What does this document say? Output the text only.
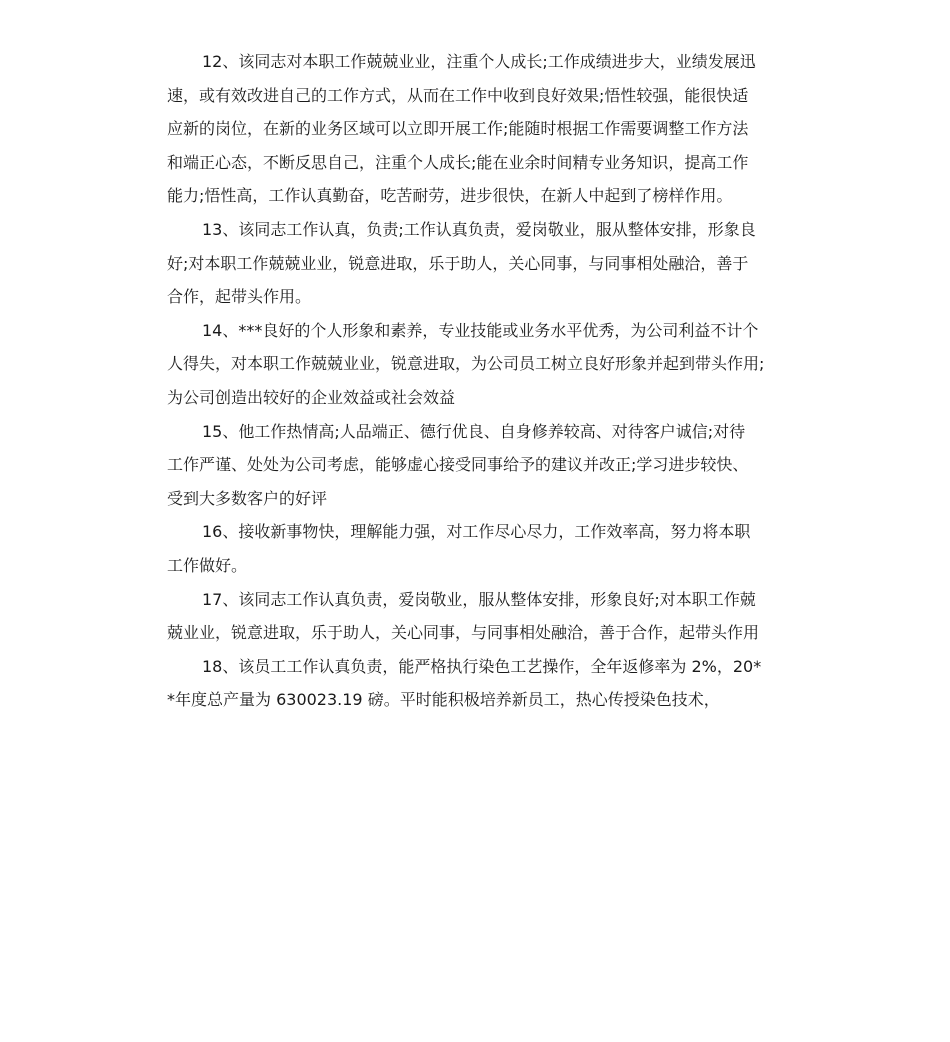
12、该同志对本职工作兢兢业业，注重个人成长;工作成绩进步大，业绩发展迅
速，或有效改进自己的工作方式，从而在工作中收到良好效果;悟性较强，能很快适
应新的岗位，在新的业务区域可以立即开展工作;能随时根据工作需要调整工作方法
和端正心态，不断反思自己，注重个人成长;能在业余时间精专业务知识，提高工作
能力;悟性高，工作认真勤奋，吃苦耐劳，进步很快，在新人中起到了榜样作用。

13、该同志工作认真，负责;工作认真负责，爱岗敬业，服从整体安排，形象良
好;对本职工作兢兢业业，锐意进取，乐于助人，关心同事，与同事相处融洽，善于
合作，起带头作用。

14、***良好的个人形象和素养，专业技能或业务水平优秀，为公司利益不计个
人得失，对本职工作兢兢业业，锐意进取，为公司员工树立良好形象并起到带头作用;
为公司创造出较好的企业效益或社会效益

15、他工作热情高;人品端正、德行优良、自身修养较高、对待客户诚信;对待
工作严谨、处处为公司考虑，能够虚心接受同事给予的建议并改正;学习进步较快、
受到大多数客户的好评

16、接收新事物快，理解能力强，对工作尽心尽力，工作效率高，努力将本职
工作做好。

17、该同志工作认真负责，爱岗敬业，服从整体安排，形象良好;对本职工作兢
兢业业，锐意进取，乐于助人，关心同事，与同事相处融洽，善于合作，起带头作用

18、该员工工作认真负责，能严格执行染色工艺操作，全年返修率为 2%，20*
*年度总产量为 630023.19 磅。平时能积极培养新员工，热心传授染色技术，
